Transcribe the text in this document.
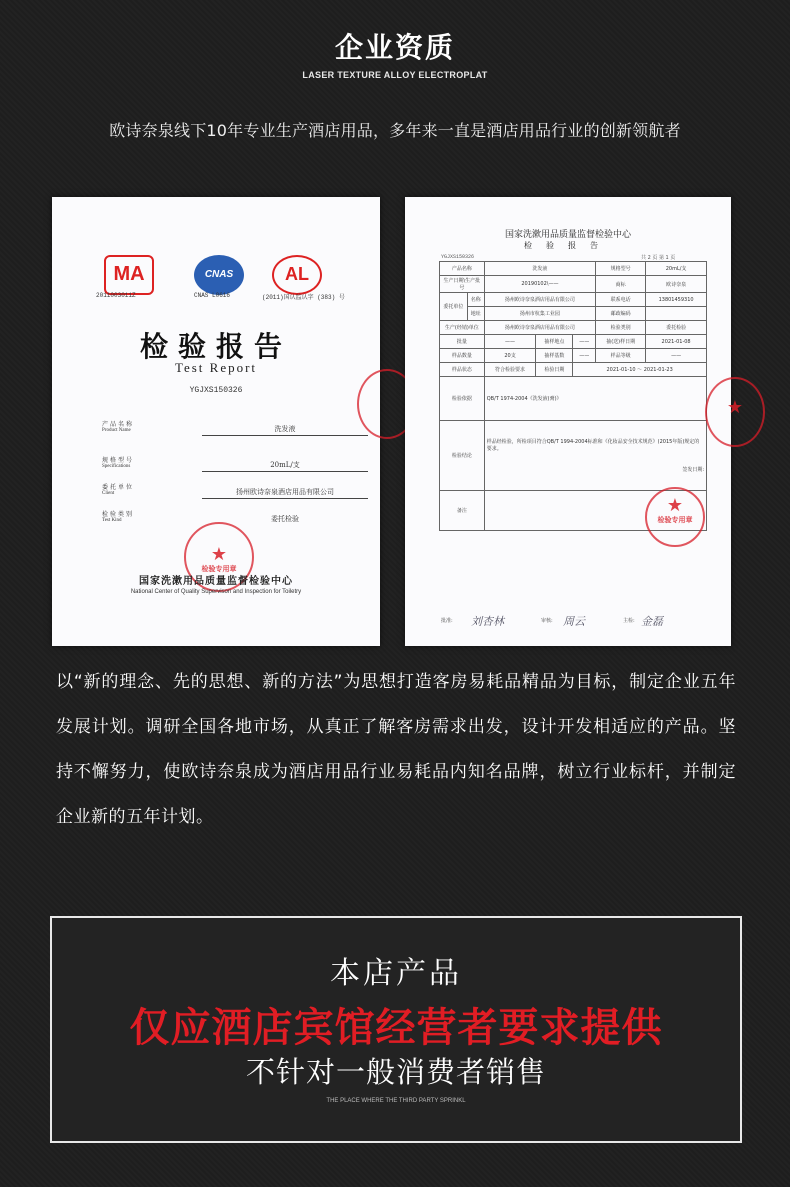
企业资质
LASER TEXTURE ALLOY ELECTROPLAT
欧诗奈泉线下10年专业生产酒店用品，多年来一直是酒店用品行业的创新领航者
MA	CNAS	AL
2011003011Z	CNAS L0616	(2011)国认监认字 (383) 号
检验报告
Test Report
YGJXS150326
产品名称
Product Name	洗发液
规格型号
Specifications	20mL/支
委托单位
Client	扬州欧诗奈泉酒店用品有限公司
检验类别
Test Kind	委托检验
★
检验专用章
国家洗漱用品质量监督检验中心
National Center of Quality Supervison and Inspection for Toiletry
国家洗漱用品质量监督检验中心
检验报告
YGJXS150326	共 2 页 第 1 页
产品名称		洗发液			规格型号	20mL/支
生产日期\生产批号		20190102\——			商标	欧诗奈泉
委托单位	名称	扬州欧诗奈泉酒店用品有限公司			联系电话	13801459310
	地址	扬州市杭集工业园			邮政编码	
生产(经销)单位		扬州欧诗奈泉酒店用品有限公司			检验类别	委托检验
批量		——	抽样地点	——	抽(送)样日期	2021-01-08
样品数量		20支	抽样基数	——	样品等级	——
样品状态		符合检验要求	检验日期	2021-01-10 ～ 2021-01-23		
检验依据		QB/T 1974-2004《洗发液(膏)》				
检验结论		样品经检验，所检项目符合QB/T 1994-2004标准和《化妆品安全技术规范》(2015年版)规定的要求。
签发日期:				

备注							★
检验专用章
★
批准: 刘杏林	审核: 周云	主检: 金磊
以“新的理念、先的思想、新的方法”为思想打造客房易耗品精品为目标，制定企业五年发展计划。调研全国各地市场，从真正了解客房需求出发，设计开发相适应的产品。坚持不懈努力，使欧诗奈泉成为酒店用品行业易耗品内知名品牌，树立行业标杆，并制定企业新的五年计划。
本店产品
仅应酒店宾馆经营者要求提供
不针对一般消费者销售
THE PLACE WHERE THE THIRD PARTY SPRINKL
